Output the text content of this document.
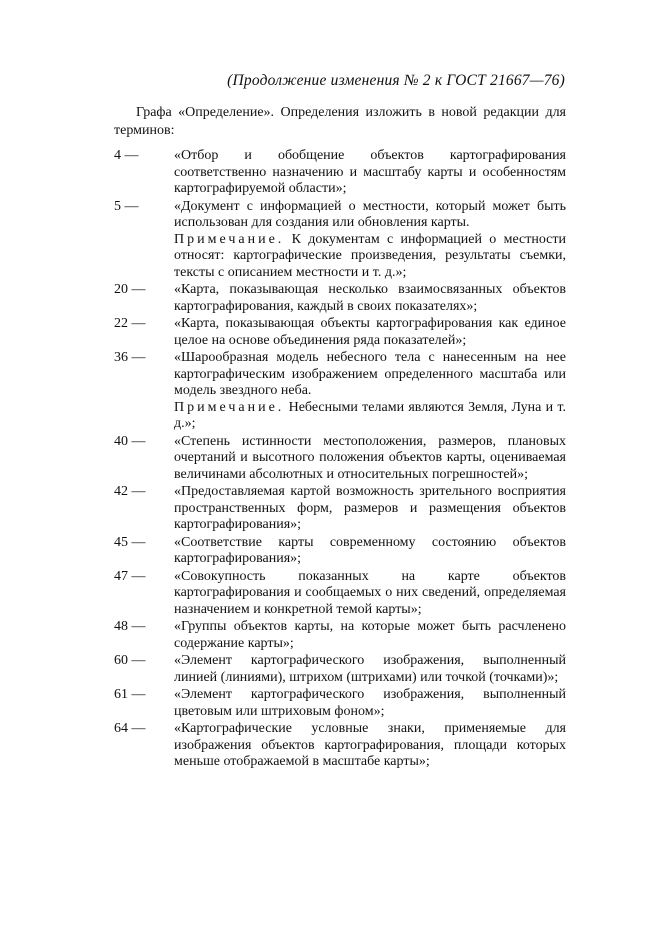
(Продолжение изменения № 2 к ГОСТ 21667—76)
Графа «Определение». Определения изложить в новой редакции для терминов:
4 —	«Отбор и обобщение объектов картографирования соответственно назначению и масштабу карты и особенностям картографируемой области»;
5 —	«Документ с информацией о местности, который может быть использован для создания или обновления карты.
Примечание. К документам с информацией о местности относят: картографические произведения, результаты съемки, тексты с описанием местности и т. д.»;
20 —	«Карта, показывающая несколько взаимосвязанных объектов картографирования, каждый в своих показателях»;
22 —	«Карта, показывающая объекты картографирования как единое целое на основе объединения ряда показателей»;
36 —	«Шарообразная модель небесного тела с нанесенным на нее картографическим изображением определенного масштаба или модель звездного неба.
Примечание. Небесными телами являются Земля, Луна и т. д.»;
40 —	«Степень истинности местоположения, размеров, плановых очертаний и высотного положения объектов карты, оцениваемая величинами абсолютных и относительных погрешностей»;
42 —	«Предоставляемая картой возможность зрительного восприятия пространственных форм, размеров и размещения объектов картографирования»;
45 —	«Соответствие карты современному состоянию объектов картографирования»;
47 —	«Совокупность показанных на карте объектов картографирования и сообщаемых о них сведений, определяемая назначением и конкретной темой карты»;
48 —	«Группы объектов карты, на которые может быть расчленено содержание карты»;
60 —	«Элемент картографического изображения, выполненный линией (линиями), штрихом (штрихами) или точкой (точками)»;
61 —	«Элемент картографического изображения, выполненный цветовым или штриховым фоном»;
64 —	«Картографические условные знаки, применяемые для изображения объектов картографирования, площади которых меньше отображаемой в масштабе карты»;
